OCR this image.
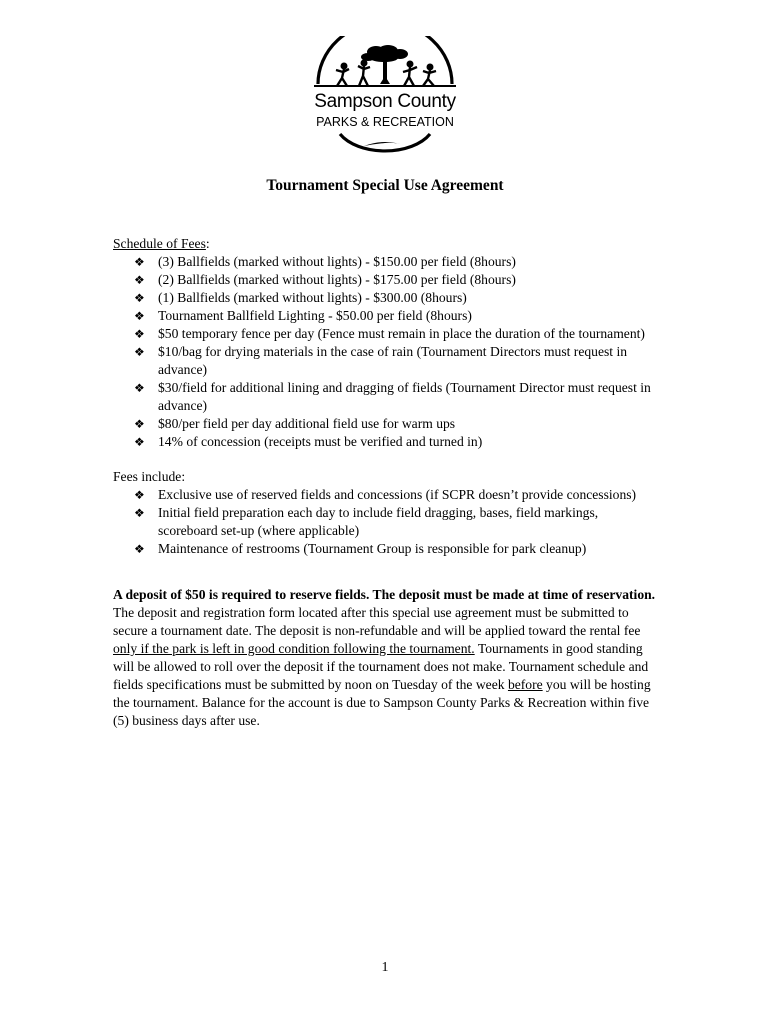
Sampson County
PARKS & RECREATION
Tournament Special Use Agreement

Schedule of Fees:

❖ (3) Ballfields (marked without lights) - $150.00 per field (8hours)
❖ (2) Ballfields (marked without lights) - $175.00 per field (8hours)
❖ (1) Ballfields (marked without lights) - $300.00 (8hours)
❖ Tournament Ballfield Lighting - $50.00 per field (8hours)
❖ $50 temporary fence per day (Fence must remain in place the duration of the tournament)
❖ $10/bag for drying materials in the case of rain (Tournament Directors must request in advance)
❖ $30/field for additional lining and dragging of fields (Tournament Director must request in advance)
❖ $80/per field per day additional field use for warm ups
❖ 14% of concession (receipts must be verified and turned in)

Fees include:

❖ Exclusive use of reserved fields and concessions (if SCPR doesn’t provide concessions)
❖ Initial field preparation each day to include field dragging, bases, field markings, scoreboard set-up (where applicable)
❖ Maintenance of restrooms (Tournament Group is responsible for park cleanup)

A deposit of $50 is required to reserve fields. The deposit must be made at time of reservation. The deposit and registration form located after this special use agreement must be submitted to secure a tournament date. The deposit is non-refundable and will be applied toward the rental fee only if the park is left in good condition following the tournament. Tournaments in good standing will be allowed to roll over the deposit if the tournament does not make. Tournament schedule and fields specifications must be submitted by noon on Tuesday of the week before you will be hosting the tournament. Balance for the account is due to Sampson County Parks & Recreation within five (5) business days after use.

1
